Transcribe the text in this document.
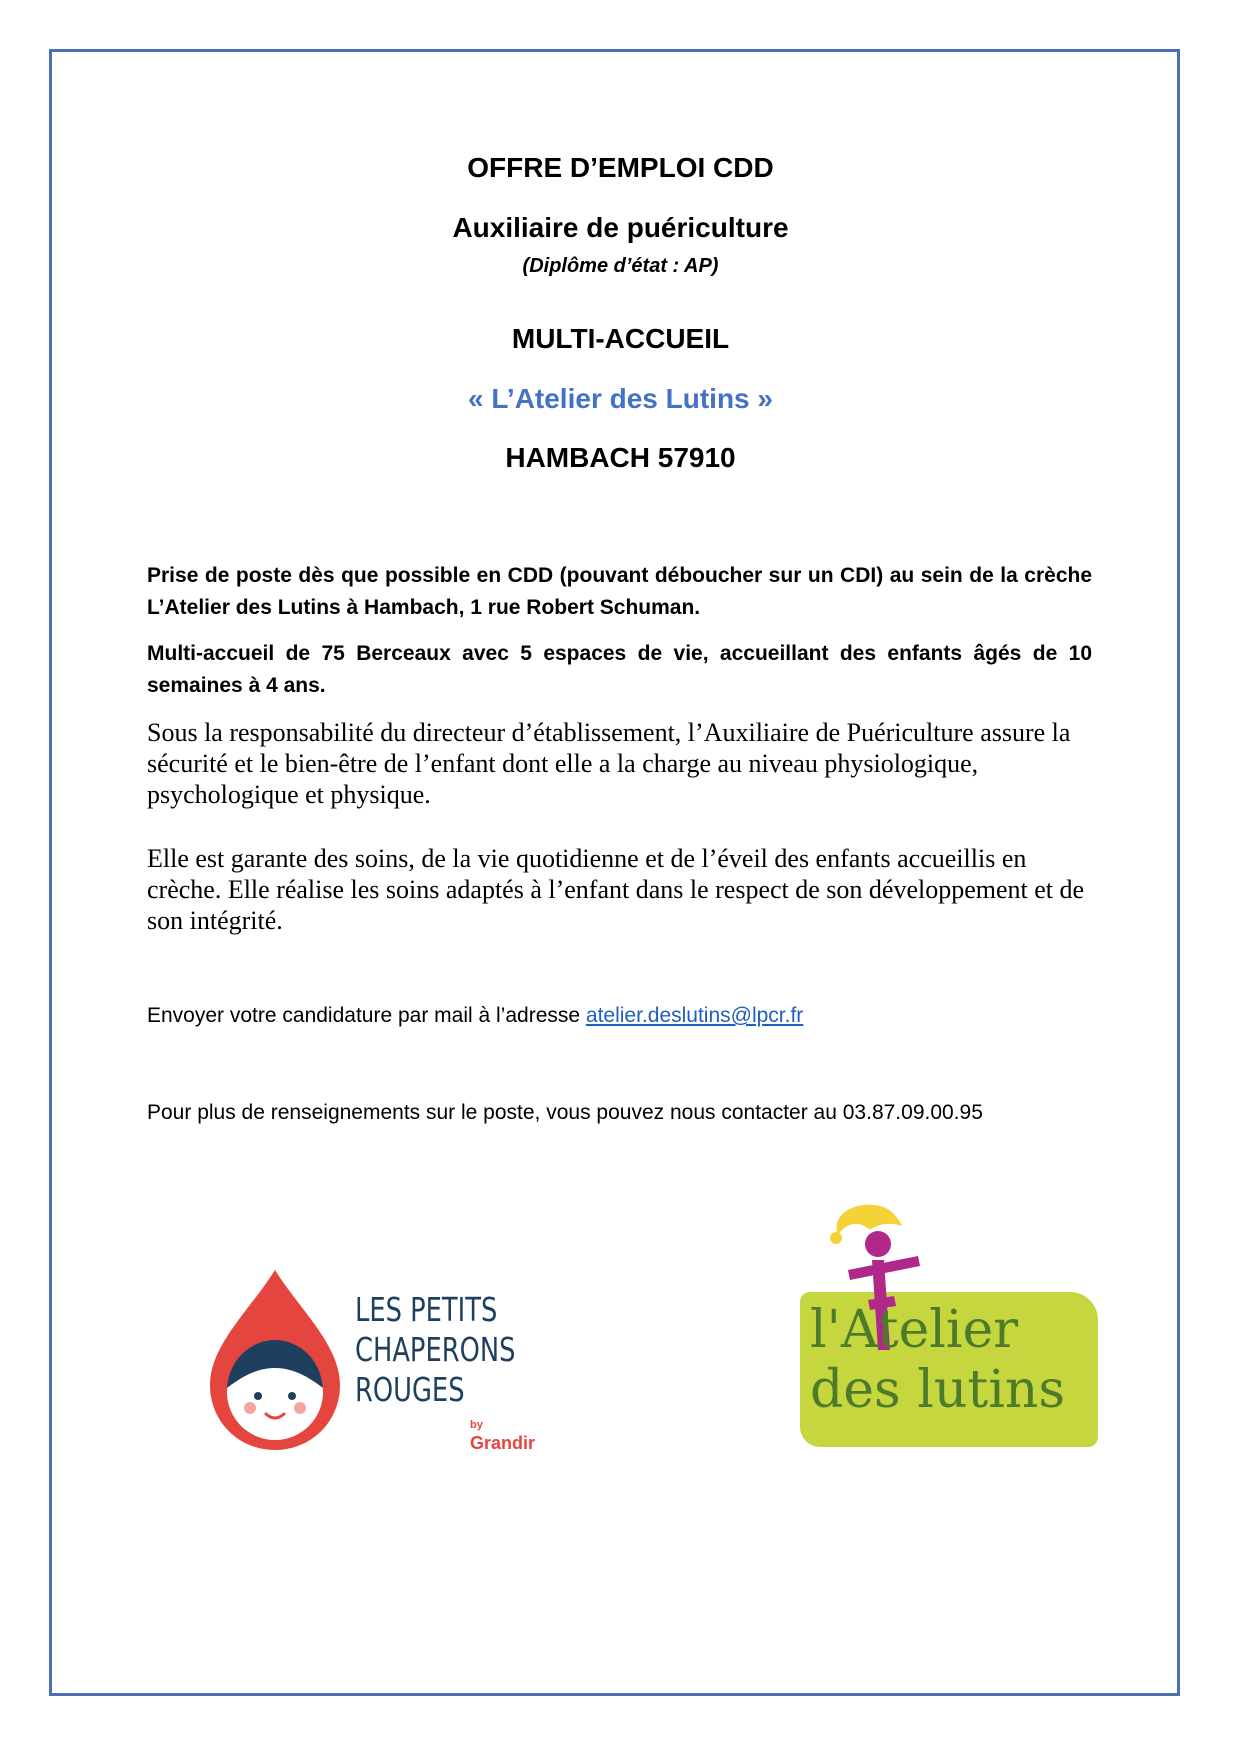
OFFRE D’EMPLOI CDD
Auxiliaire de puériculture
(Diplôme d’état : AP)
MULTI-ACCUEIL
« L’Atelier des Lutins »
HAMBACH 57910
Prise de poste dès que possible en CDD (pouvant déboucher sur un CDI) au sein de la crèche L’Atelier des Lutins à Hambach, 1 rue Robert Schuman.
Multi-accueil de 75 Berceaux avec 5 espaces de vie, accueillant des enfants âgés de 10 semaines à 4 ans.
Sous la responsabilité du directeur d’établissement, l’Auxiliaire de Puériculture assure la sécurité et le bien-être de l’enfant dont elle a la charge au niveau physiologique, psychologique et physique.
Elle est garante des soins, de la vie quotidienne et de l’éveil des enfants accueillis en crèche. Elle réalise les soins adaptés à l’enfant dans le respect de son développement et de son intégrité.
Envoyer votre candidature par mail à l’adresse atelier.deslutins@lpcr.fr
Pour plus de renseignements sur le poste, vous pouvez nous contacter au 03.87.09.00.95
LES PETITS
CHAPERONS
ROUGES
by Grandir
l'Atelier
des lutins
